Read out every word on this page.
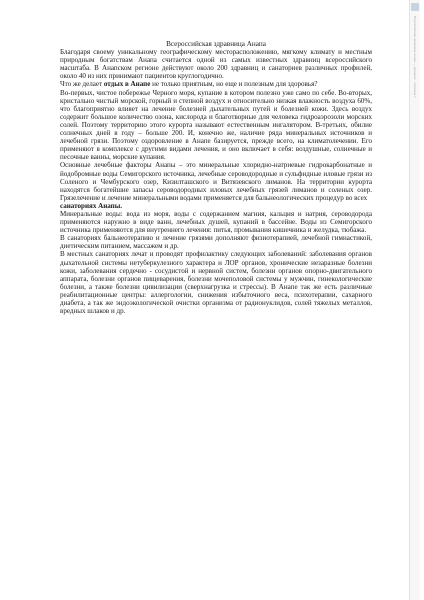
Всероссийская здравница Анапа

Благодаря своему уникальному географическому месторасположению, мягкому климату и местным природным богатствам Анапа считается одной из самых известных здравниц всероссийского масштаба. В Анапском регионе действуют около 200 здравниц и санаториев различных профилей, около 40 из них принимают пациентов круглогодично.

Что же делает отдых в Анапе не только приятным, но еще и полезным для здоровья?

Во-первых, чистое побережье Черного моря, купание в котором полезно уже само по себе. Во-вторых, кристально чистый морской, горный и степной воздух и относительно низкая влажность воздуха 60%, что благоприятно влияет на лечение болезней дыхательных путей и болезней кожи. Здесь воздух содержит большое количество озона, кислорода и благотворные для человека гидроаэрозоли морских солей. Поэтому территорию этого курорта называют естественным ингалятором. В-третьих, обилие солнечных дней в году – больше 200. И, конечно же, наличие ряда минеральных источников и лечебной грязи. Поэтому оздоровление в Анапе базируется, прежде всего, на климатолечении. Его применяют в комплексе с другими видами лечения, и оно включает в себя: воздушные, солнечные и песочные ванны, морские купания.

Основные лечебные факторы Анапы – это минеральные хлоридно-натриевые гидрокарбонатные и йодобромные воды Семигорского источника, лечебные сероводородные и сульфидные иловые грязи из Соленого и Чембурского озер, Кизилташского и Витязевского лиманов. На территории курорта находятся богатейшие запасы сероводородных иловых лечебных грязей лиманов и соленых озер. Грязелечение и лечение минеральными водами применяется для бальнеологических процедур во всех

санаториях Анапы.

Минеральные воды: вода из моря, воды с содержанием магния, кальция и натрия, сероводорода применяются наружно в виде ванн, лечебных душей, купаний в бассейне. Воды из Семигорского источника применяются для внутреннего лечения: питья, промывания кишечника и желудка, тюбажа.

В санаториях бальнеотерапию и лечение грязями дополняют физиотерапией, лечебной гимнастикой, диетическим питанием, массажем и др.

В местных санаториях лечат и проводят профилактику следующих заболеваний: заболевания органов дыхательной системы нетуберкулезного характера и ЛОР органов, хронические незаразные болезни кожи, заболевания сердечно - сосудистой и нервной систем, болезни органов опорно-двигательного аппарата, болезни органов пищеварения, болезни мочеполовой системы у мужчин, гинекологические болезни, а также болезни цивилизации (сверхнагрузка и стрессы). В Анапе так же есть различные реабилитационные центры: аллергологии, снижения избыточного веса, психотерапии, сахарного диабета, а так же эндоэкологической очистки организма от радионуклидов, солей тяжелых металлов, вредных шлаков и др.

Всероссийская здравница Анапа — документ · страница 1
